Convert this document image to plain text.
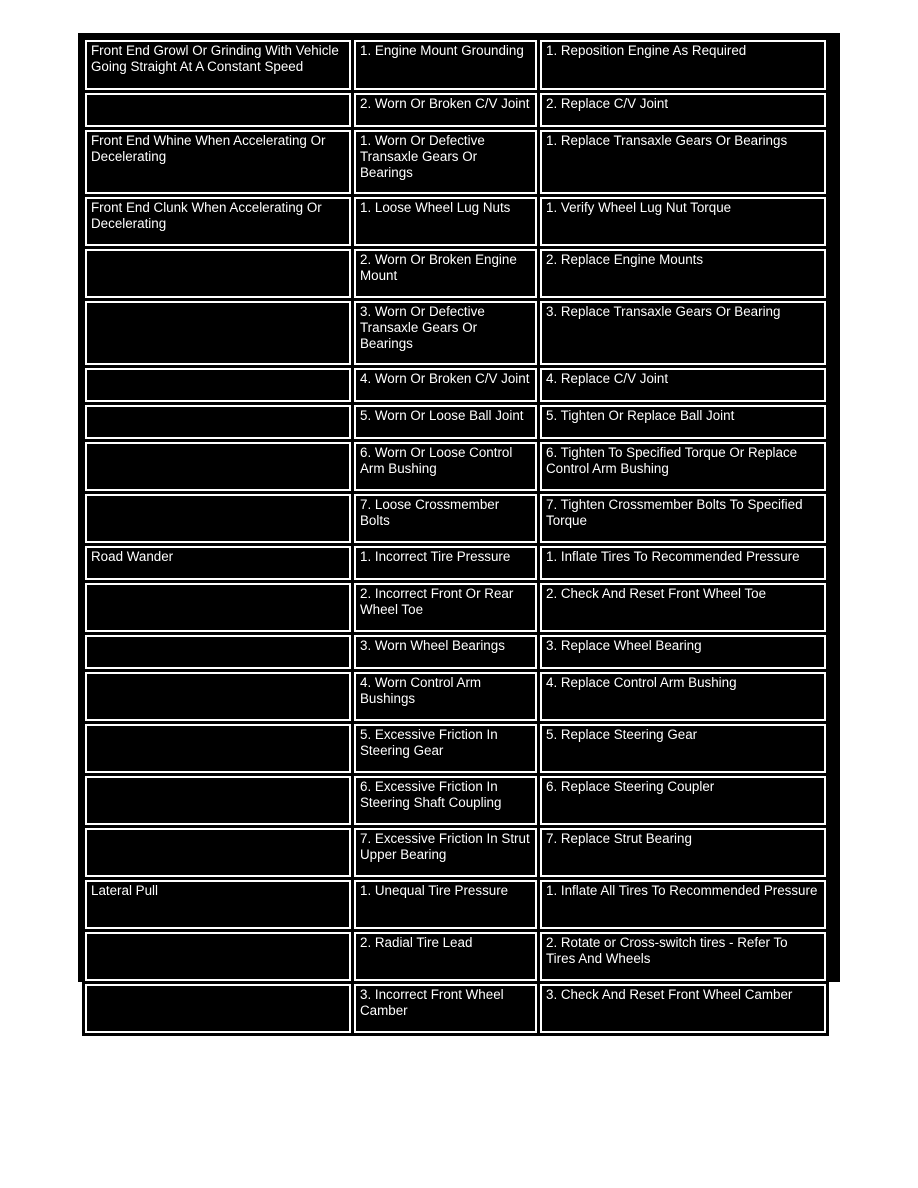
Front End Growl Or Grinding With Vehicle Going Straight At A Constant Speed	1. Engine Mount Grounding	1. Reposition Engine As Required
	2. Worn Or Broken C/V Joint	2. Replace C/V Joint
Front End Whine When Accelerating Or Decelerating	1. Worn Or Defective Transaxle Gears Or Bearings	1. Replace Transaxle Gears Or Bearings
Front End Clunk When Accelerating Or Decelerating	1. Loose Wheel Lug Nuts	1. Verify Wheel Lug Nut Torque
	2. Worn Or Broken Engine Mount	2. Replace Engine Mounts
	3. Worn Or Defective Transaxle Gears Or Bearings	3. Replace Transaxle Gears Or Bearing
	4. Worn Or Broken C/V Joint	4. Replace C/V Joint
	5. Worn Or Loose Ball Joint	5. Tighten Or Replace Ball Joint
	6. Worn Or Loose Control Arm Bushing	6. Tighten To Specified Torque Or Replace Control Arm Bushing
	7. Loose Crossmember Bolts	7. Tighten Crossmember Bolts To Specified Torque
Road Wander	1. Incorrect Tire Pressure	1. Inflate Tires To Recommended Pressure
	2. Incorrect Front Or Rear Wheel Toe	2. Check And Reset Front Wheel Toe
	3. Worn Wheel Bearings	3. Replace Wheel Bearing
	4. Worn Control Arm Bushings	4. Replace Control Arm Bushing
	5. Excessive Friction In Steering Gear	5. Replace Steering Gear
	6. Excessive Friction In Steering Shaft Coupling	6. Replace Steering Coupler
	7. Excessive Friction In Strut Upper Bearing	7. Replace Strut Bearing
Lateral Pull	1. Unequal Tire Pressure	1. Inflate All Tires To Recommended Pressure
	2. Radial Tire Lead	2. Rotate or Cross-switch tires - Refer To Tires And Wheels
	3. Incorrect Front Wheel Camber	3. Check And Reset Front Wheel Camber
